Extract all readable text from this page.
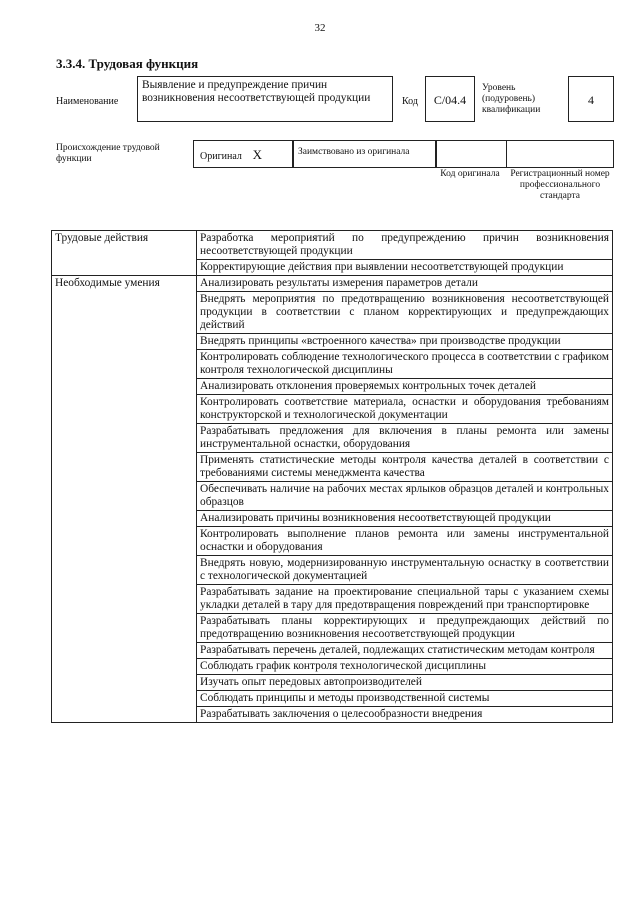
32
3.3.4. Трудовая функция
Наименование
Выявление и предупреждение причин возникновения несоответствующей продукции	Код	С/04.4
Уровень (подуровень) квалификации
4
Происхождение трудовой функции	Оригинал X	Заимствовано из оригинала
Код оригинала	Регистрационный номер профессионального стандарта
Трудовые действия	Разработка мероприятий по предупреждению причин возникновения несоответствующей продукции
	Корректирующие действия при выявлении несоответствующей продукции
Необходимые умения	Анализировать результаты измерения параметров детали
	Внедрять мероприятия по предотвращению возникновения несоответствующей продукции в соответствии с планом корректирующих и предупреждающих действий
	Внедрять принципы «встроенного качества» при производстве продукции
	Контролировать соблюдение технологического процесса в соответствии с графиком контроля технологической дисциплины
	Анализировать отклонения проверяемых контрольных точек деталей
	Контролировать соответствие материала, оснастки и оборудования требованиям конструкторской и технологической документации
	Разрабатывать предложения для включения в планы ремонта или замены инструментальной оснастки, оборудования
	Применять статистические методы контроля качества деталей в соответствии с требованиями системы менеджмента качества
	Обеспечивать наличие на рабочих местах ярлыков образцов деталей и контрольных образцов
	Анализировать причины возникновения несоответствующей продукции
	Контролировать выполнение планов ремонта или замены инструментальной оснастки и оборудования
	Внедрять новую, модернизированную инструментальную оснастку в соответствии с технологической документацией
	Разрабатывать задание на проектирование специальной тары с указанием схемы укладки деталей в тару для предотвращения повреждений при транспортировке
	Разрабатывать планы корректирующих и предупреждающих действий по предотвращению возникновения несоответствующей продукции
	Разрабатывать перечень деталей, подлежащих статистическим методам контроля
	Соблюдать график контроля технологической дисциплины
	Изучать опыт передовых автопроизводителей
	Соблюдать принципы и методы производственной системы
	Разрабатывать заключения о целесообразности внедрения
